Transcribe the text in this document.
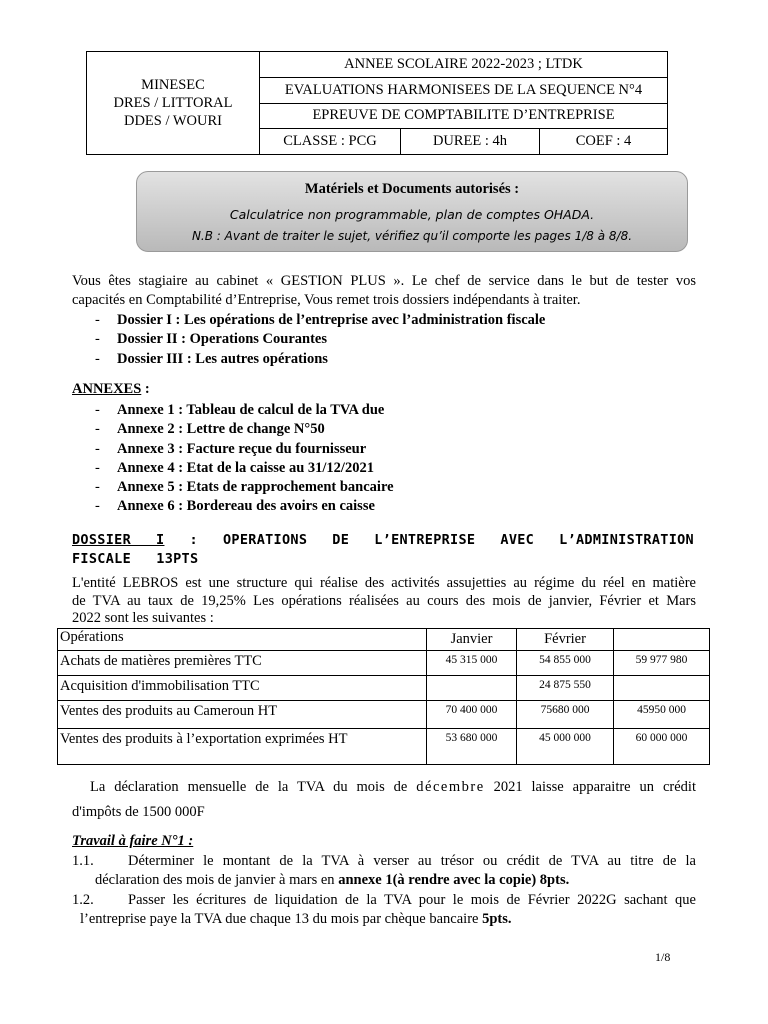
MINESEC
DRES / LITTORAL
DDES / WOURI	ANNEE SCOLAIRE 2022-2023 ; LTDK		
	EVALUATIONS HARMONISEES DE LA SEQUENCE N°4		
	EPREUVE DE COMPTABILITE D’ENTREPRISE		
	CLASSE : PCG	DUREE : 4h	COEF : 4
Matériels et Documents autorisés :
Calculatrice non programmable, plan de comptes OHADA.
N.B : Avant de traiter le sujet, vérifiez qu’il comporte les pages 1/8 à 8/8.
Vous êtes stagiaire au cabinet « GESTION PLUS ». Le chef de service dans le but de tester vos
capacités en Comptabilité d’Entreprise, Vous remet trois dossiers indépendants à traiter.
- Dossier I : Les opérations de l’entreprise avec l’administration fiscale
- Dossier II : Operations Courantes
- Dossier III : Les autres opérations
ANNEXES :
- Annexe 1 : Tableau de calcul de la TVA due
- Annexe 2 : Lettre de change N°50
- Annexe 3 : Facture reçue du fournisseur
- Annexe 4 : Etat de la caisse au 31/12/2021
- Annexe 5 : Etats de rapprochement bancaire
- Annexe 6 : Bordereau des avoirs en caisse
DOSSIER I : OPERATIONS DE L’ENTREPRISE AVEC L’ADMINISTRATION
FISCALE   13PTS
L'entité LEBROS est une structure qui réalise des activités assujetties au régime du réel en matière
de TVA au taux de 19,25% Les opérations réalisées au cours des mois de janvier, Février et Mars
2022 sont les suivantes :
Opérations	Janvier	Février	
Achats de matières premières TTC	45 315 000	54 855 000	59 977 980
Acquisition d'immobilisation TTC		24 875 550	
Ventes des produits au Cameroun HT	70 400 000	75680 000	45950 000
Ventes des produits à l’exportation exprimées HT	53 680 000	45 000 000	60 000 000
La déclaration mensuelle de la TVA du mois de décembre 2021 laisse apparaitre un crédit
d'impôts de 1500 000F
Travail à faire N°1 :
1.1. Déterminer le montant de la TVA à verser au trésor ou crédit de TVA au titre de la
déclaration des mois de janvier à mars en annexe 1(à rendre avec la copie) 8pts.
1.2. Passer les écritures de liquidation de la TVA pour le mois de Février 2022G sachant que
l’entreprise paye la TVA due chaque 13 du mois par chèque bancaire 5pts.
1/8
